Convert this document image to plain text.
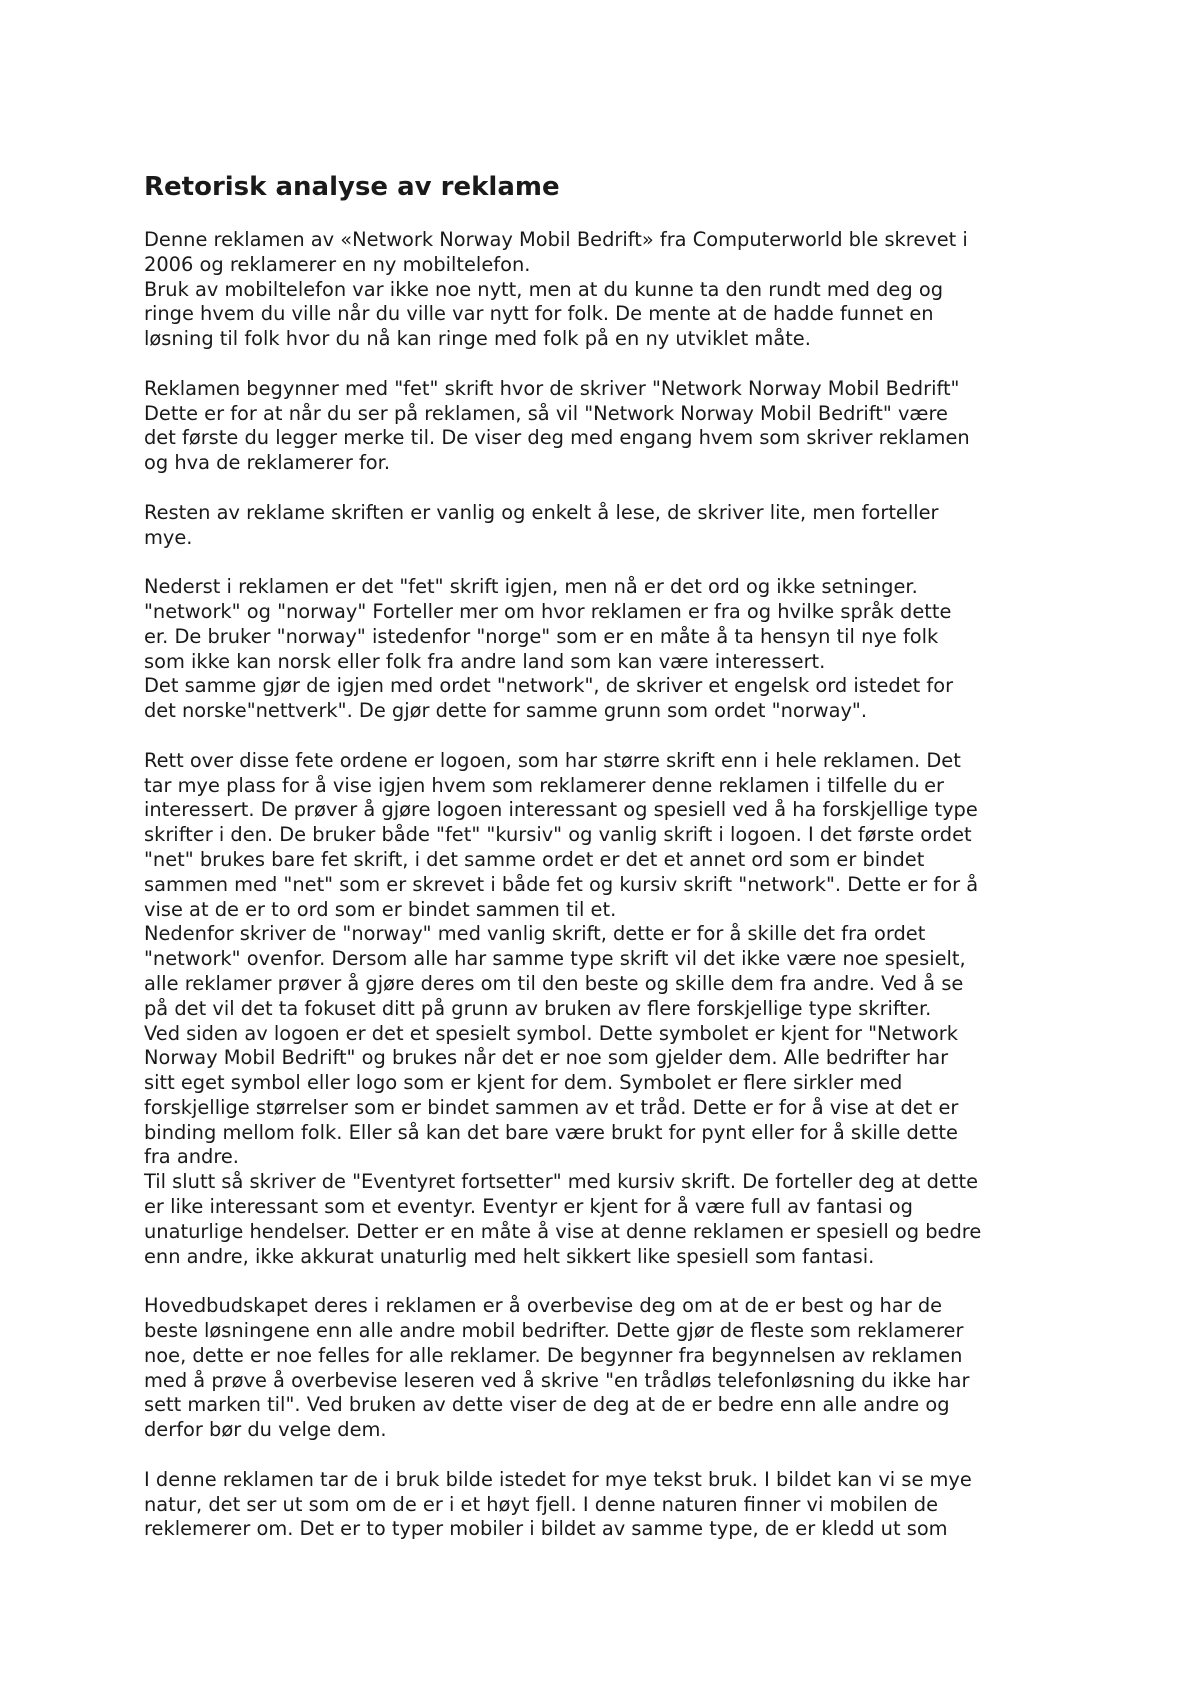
Retorisk analyse av reklame

Denne reklamen av «Network Norway Mobil Bedrift» fra Computerworld ble skrevet i
2006 og reklamerer en ny mobiltelefon.
Bruk av mobiltelefon var ikke noe nytt, men at du kunne ta den rundt med deg og
ringe hvem du ville når du ville var nytt for folk. De mente at de hadde funnet en
løsning til folk hvor du nå kan ringe med folk på en ny utviklet måte.

Reklamen begynner med "fet" skrift hvor de skriver "Network Norway Mobil Bedrift"
Dette er for at når du ser på reklamen, så vil "Network Norway Mobil Bedrift" være
det første du legger merke til. De viser deg med engang hvem som skriver reklamen
og hva de reklamerer for.

Resten av reklame skriften er vanlig og enkelt å lese, de skriver lite, men forteller
mye.

Nederst i reklamen er det "fet" skrift igjen, men nå er det ord og ikke setninger.
"network" og "norway" Forteller mer om hvor reklamen er fra og hvilke språk dette
er. De bruker "norway" istedenfor "norge" som er en måte å ta hensyn til nye folk
som ikke kan norsk eller folk fra andre land som kan være interessert.
Det samme gjør de igjen med ordet "network", de skriver et engelsk ord istedet for
det norske"nettverk". De gjør dette for samme grunn som ordet "norway".

Rett over disse fete ordene er logoen, som har større skrift enn i hele reklamen. Det
tar mye plass for å vise igjen hvem som reklamerer denne reklamen i tilfelle du er
interessert. De prøver å gjøre logoen interessant og spesiell ved å ha forskjellige type
skrifter i den. De bruker både "fet" "kursiv" og vanlig skrift i logoen. I det første ordet
"net" brukes bare fet skrift, i det samme ordet er det et annet ord som er bindet
sammen med "net" som er skrevet i både fet og kursiv skrift "network". Dette er for å
vise at de er to ord som er bindet sammen til et.
Nedenfor skriver de "norway" med vanlig skrift, dette er for å skille det fra ordet
"network" ovenfor. Dersom alle har samme type skrift vil det ikke være noe spesielt,
alle reklamer prøver å gjøre deres om til den beste og skille dem fra andre. Ved å se
på det vil det ta fokuset ditt på grunn av bruken av flere forskjellige type skrifter.
Ved siden av logoen er det et spesielt symbol. Dette symbolet er kjent for "Network
Norway Mobil Bedrift" og brukes når det er noe som gjelder dem. Alle bedrifter har
sitt eget symbol eller logo som er kjent for dem. Symbolet er flere sirkler med
forskjellige størrelser som er bindet sammen av et tråd. Dette er for å vise at det er
binding mellom folk. Eller så kan det bare være brukt for pynt eller for å skille dette
fra andre.
Til slutt så skriver de "Eventyret fortsetter" med kursiv skrift. De forteller deg at dette
er like interessant som et eventyr. Eventyr er kjent for å være full av fantasi og
unaturlige hendelser. Detter er en måte å vise at denne reklamen er spesiell og bedre
enn andre, ikke akkurat unaturlig med helt sikkert like spesiell som fantasi.

Hovedbudskapet deres i reklamen er å overbevise deg om at de er best og har de
beste løsningene enn alle andre mobil bedrifter. Dette gjør de fleste som reklamerer
noe, dette er noe felles for alle reklamer. De begynner fra begynnelsen av reklamen
med å prøve å overbevise leseren ved å skrive "en trådløs telefonløsning du ikke har
sett marken til". Ved bruken av dette viser de deg at de er bedre enn alle andre og
derfor bør du velge dem.

I denne reklamen tar de i bruk bilde istedet for mye tekst bruk. I bildet kan vi se mye
natur, det ser ut som om de er i et høyt fjell. I denne naturen finner vi mobilen de
reklemerer om. Det er to typer mobiler i bildet av samme type, de er kledd ut som
